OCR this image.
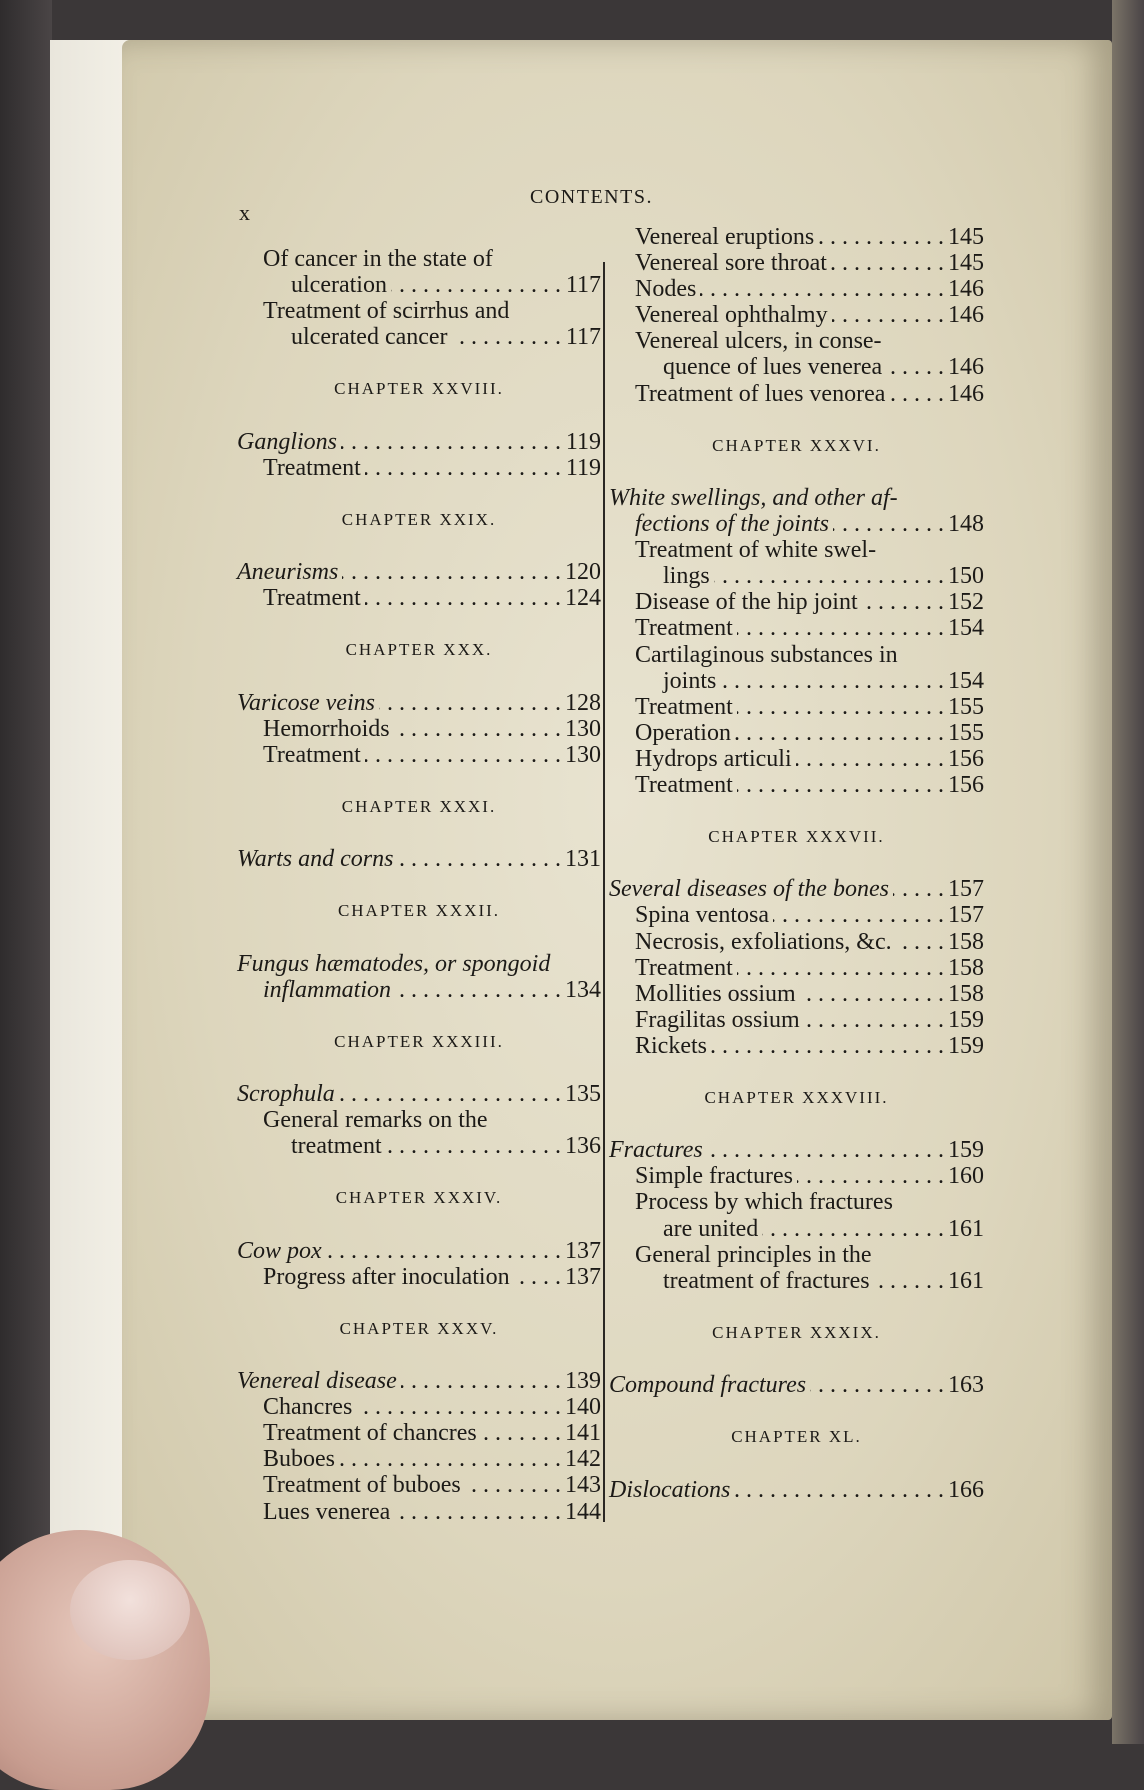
x
CONTENTS.
Of cancer in the state of
ulceration . . .	117
Treatment of scirrhus and
ulcerated cancer . . .	117
CHAPTER XXVIII.
Ganglions . . .	119
Treatment . . .	119
CHAPTER XXIX.
Aneurisms . . .	120
Treatment . . .	124
CHAPTER XXX.
Varicose veins . . .	128
Hemorrhoids . . .	130
Treatment . . .	130
CHAPTER XXXI.
Warts and corns . . .	131
CHAPTER XXXII.
Fungus hæmatodes, or spongoid
inflammation . . .	134
CHAPTER XXXIII.
Scrophula . . .	135
General remarks on the
treatment . . .	136
CHAPTER XXXIV.
Cow pox . . .	137
Progress after inoculation . . . 137
CHAPTER XXXV.
Venereal disease . . .	139
Chancres . . .	140
Treatment of chancres . . .	141
Buboes . . .	142
Treatment of buboes . . .	143
Lues venerea . . .	144
Venereal eruptions . . .	145
Venereal sore throat . . .	145
Nodes . . .	146
Venereal ophthalmy . . .	146
Venereal ulcers, in conse-
quence of lues venerea . . .	146
Treatment of lues venorea . . .	146
CHAPTER XXXVI.
White swellings, and other af-
fections of the joints . . .	148
Treatment of white swel-
lings . . .	150
Disease of the hip joint . . .	152
Treatment . . .	154
Cartilaginous substances in
joints . . .	154
Treatment . . .	155
Operation . . .	155
Hydrops articuli . . .	156
Treatment . . .	156
CHAPTER XXXVII.
Several diseases of the bones . . . 157
Spina ventosa . . .	157
Necrosis, exfoliations, &c. . . . 158
Treatment . . .	158
Mollities ossium . . .	158
Fragilitas ossium . . .	159
Rickets . . .	159
CHAPTER XXXVIII.
Fractures . . .	159
Simple fractures . . .	160
Process by which fractures
are united . . .	161
General principles in the
treatment of fractures . . .	161
CHAPTER XXXIX.
Compound fractures . . .	163
CHAPTER XL.
Dislocations . . .	166
